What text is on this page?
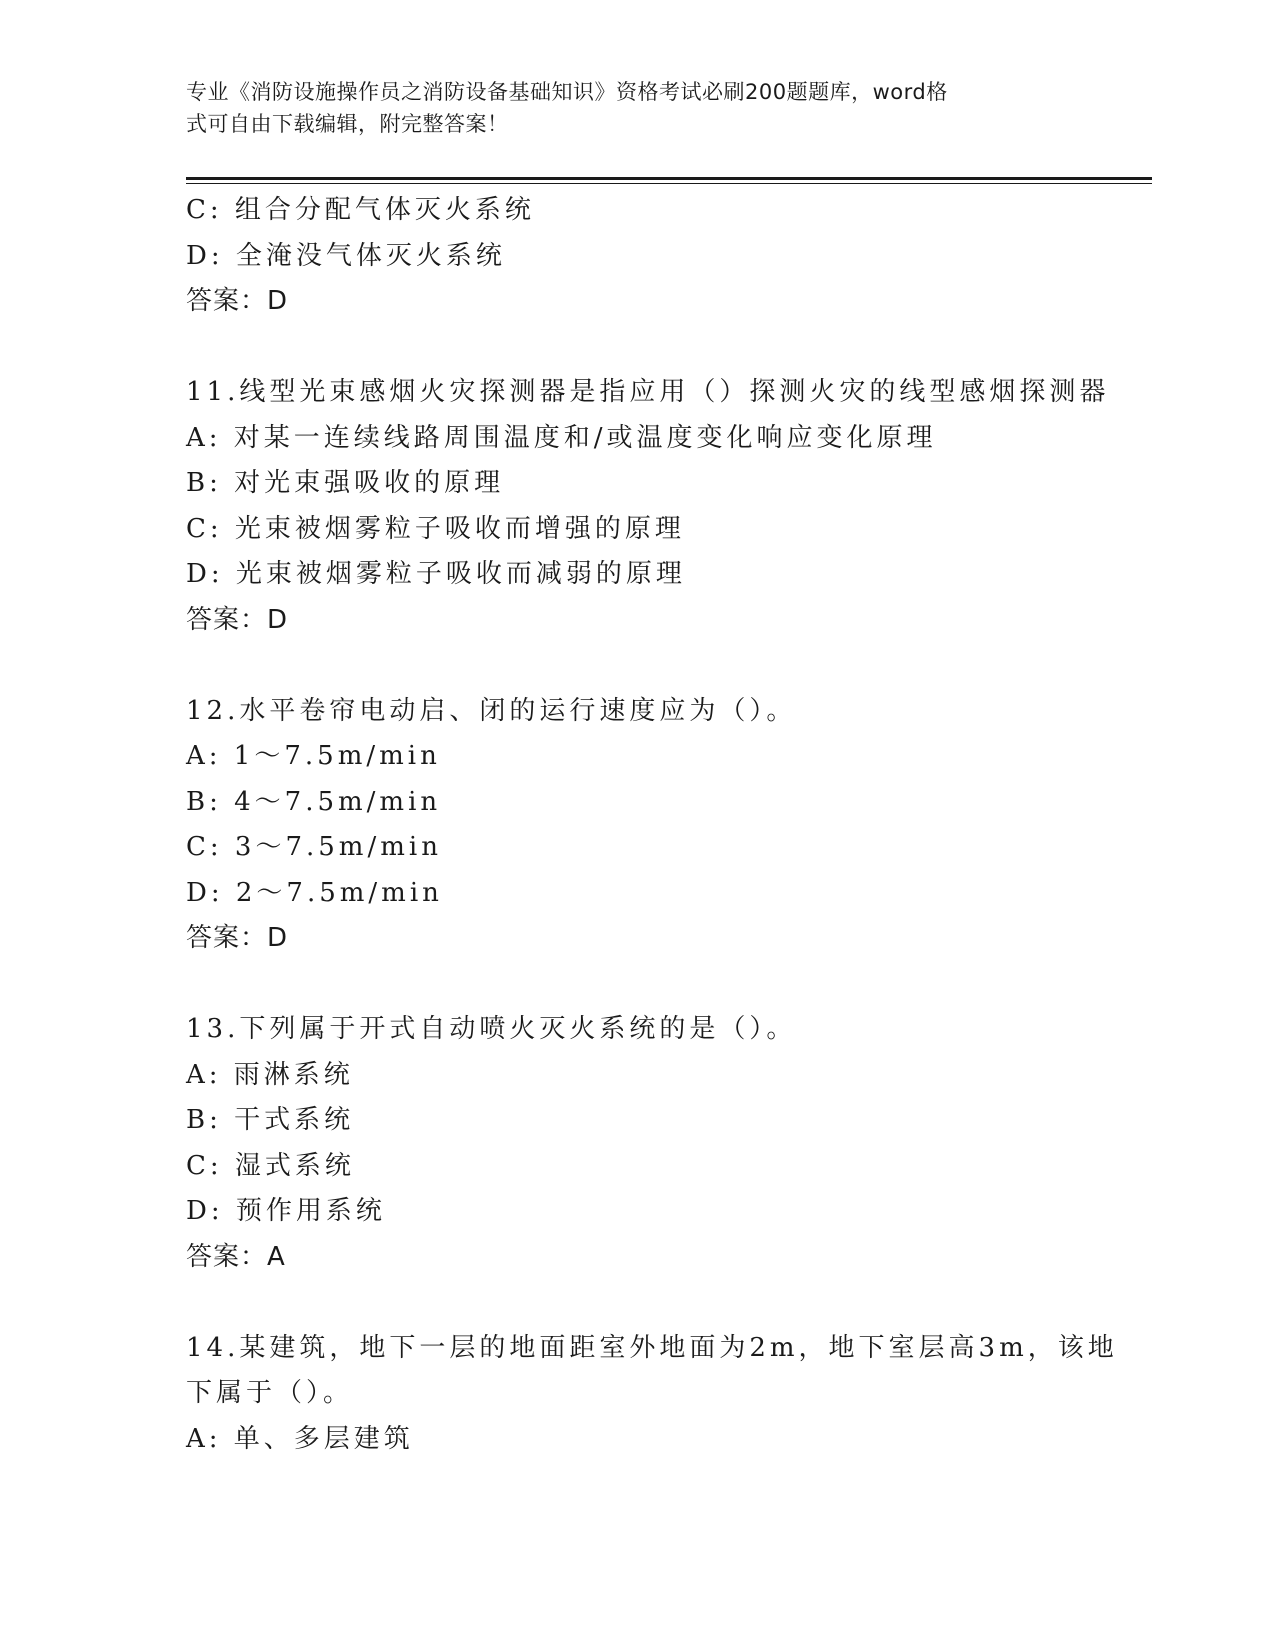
专业《消防设施操作员之消防设备基础知识》资格考试必刷200题题库，word格
式可自由下载编辑，附完整答案！
C: 组合分配气体灭火系统
D: 全淹没气体灭火系统
答案：D
11.线型光束感烟火灾探测器是指应用（）探测火灾的线型感烟探测器
A: 对某一连续线路周围温度和/或温度变化响应变化原理
B: 对光束强吸收的原理
C: 光束被烟雾粒子吸收而增强的原理
D: 光束被烟雾粒子吸收而减弱的原理
答案：D
12.水平卷帘电动启、闭的运行速度应为（）。
A: 1～7.5m/min
B: 4～7.5m/min
C: 3～7.5m/min
D: 2～7.5m/min
答案：D
13.下列属于开式自动喷火灭火系统的是（）。
A: 雨淋系统
B: 干式系统
C: 湿式系统
D: 预作用系统
答案：A
14.某建筑，地下一层的地面距室外地面为2m，地下室层高3m，该地
下属于（）。
A: 单、多层建筑
